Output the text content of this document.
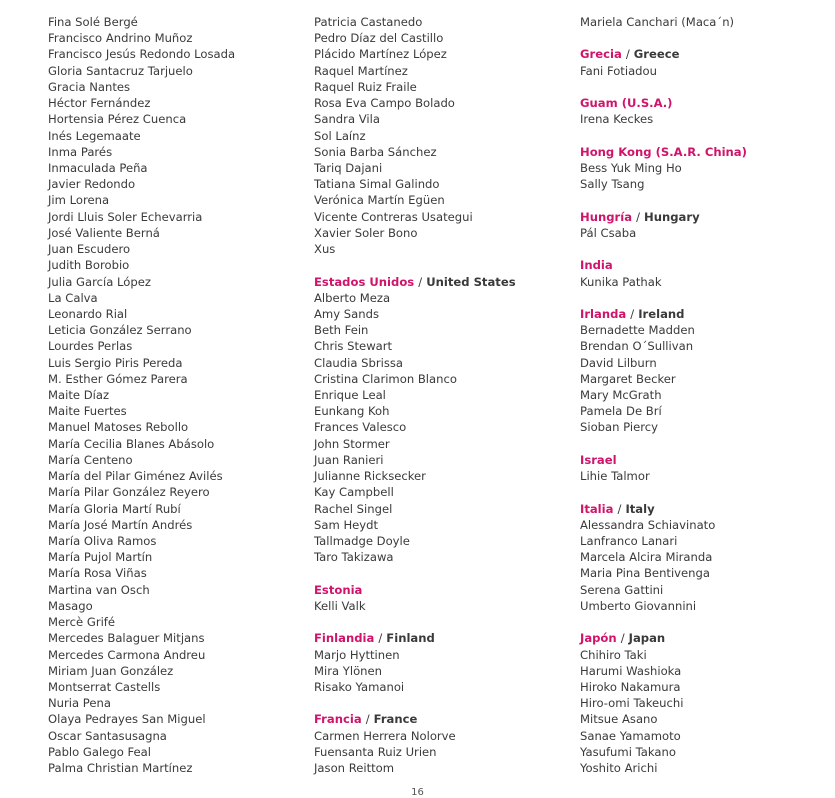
Fina Solé Bergé
Francisco Andrino Muñoz
Francisco Jesús Redondo Losada
Gloria Santacruz Tarjuelo
Gracia Nantes
Héctor Fernández
Hortensia Pérez Cuenca
Inés Legemaate
Inma Parés
Inmaculada Peña
Javier Redondo
Jim Lorena
Jordi Lluis Soler Echevarria
José Valiente Berná
Juan Escudero
Judith Borobio
Julia García López
La Calva
Leonardo Rial
Leticia González Serrano
Lourdes Perlas
Luis Sergio Piris Pereda
M. Esther Gómez Parera
Maite Díaz
Maite Fuertes
Manuel Matoses Rebollo
María Cecilia Blanes Abásolo
María Centeno
María del Pilar Giménez Avilés
María Pilar González Reyero
María Gloria Martí Rubí
María José Martín Andrés
María Oliva Ramos
María Pujol Martín
María Rosa Viñas
Martina van Osch
Masago
Mercè Grifé
Mercedes Balaguer Mitjans
Mercedes Carmona Andreu
Miriam Juan González
Montserrat Castells
Nuria Pena
Olaya Pedrayes San Miguel
Oscar Santasusagna
Pablo Galego Feal
Palma Christian Martínez
Patricia Castanedo
Pedro Díaz del Castillo
Plácido Martínez López
Raquel Martínez
Raquel Ruiz Fraile
Rosa Eva Campo Bolado
Sandra Vila
Sol Laínz
Sonia Barba Sánchez
Tariq Dajani
Tatiana Simal Galindo
Verónica Martín Egüen
Vicente Contreras Usategui
Xavier Soler Bono
Xus
Estados Unidos / United States
Alberto Meza
Amy Sands
Beth Fein
Chris Stewart
Claudia Sbrissa
Cristina Clarimon Blanco
Enrique Leal
Eunkang Koh
Frances Valesco
John Stormer
Juan Ranieri
Julianne Ricksecker
Kay Campbell
Rachel Singel
Sam Heydt
Tallmadge Doyle
Taro Takizawa
Estonia
Kelli Valk
Finlandia / Finland
Marjo Hyttinen
Mira Ylönen
Risako Yamanoi
Francia / France
Carmen Herrera Nolorve
Fuensanta Ruiz Urien
Jason Reittom
Mariela Canchari (Maca´n)
Grecia / Greece
Fani Fotiadou
Guam (U.S.A.)
Irena Keckes
Hong Kong (S.A.R. China)
Bess Yuk Ming Ho
Sally Tsang
Hungría / Hungary
Pál Csaba
India
Kunika Pathak
Irlanda / Ireland
Bernadette Madden
Brendan O´Sullivan
David Lilburn
Margaret Becker
Mary McGrath
Pamela De Brí
Sioban Piercy
Israel
Lihie Talmor
Italia / Italy
Alessandra Schiavinato
Lanfranco Lanari
Marcela Alcira Miranda
Maria Pina Bentivenga
Serena Gattini
Umberto Giovannini
Japón / Japan
Chihiro Taki
Harumi Washioka
Hiroko Nakamura
Hiro-omi Takeuchi
Mitsue Asano
Sanae Yamamoto
Yasufumi Takano
Yoshito Arichi
16
